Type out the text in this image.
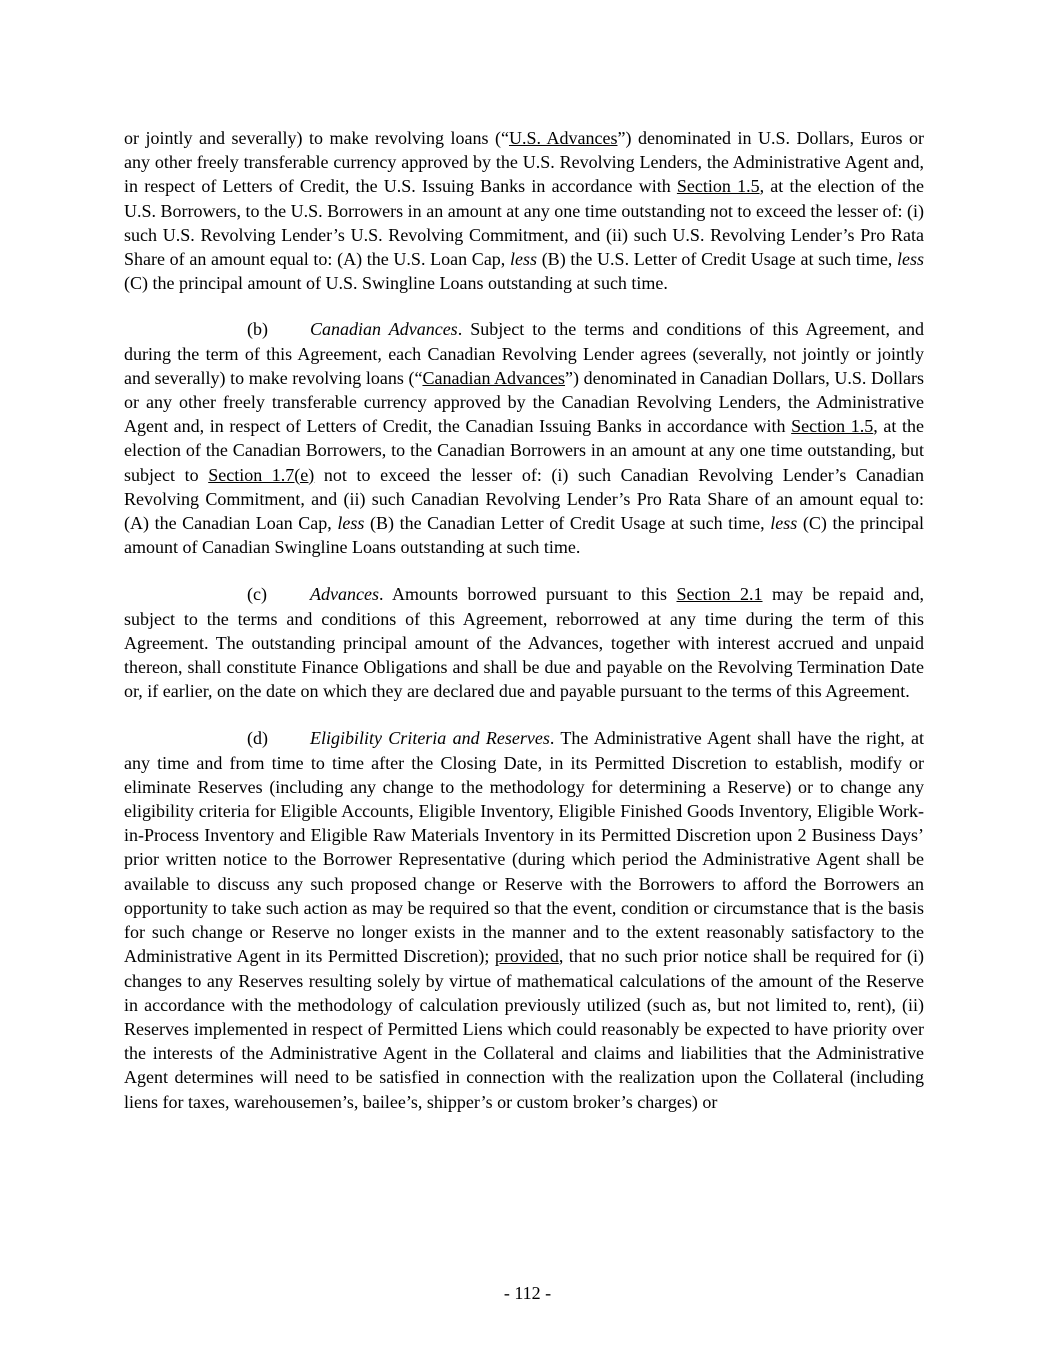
or jointly and severally) to make revolving loans (“U.S. Advances”) denominated in U.S. Dollars, Euros or any other freely transferable currency approved by the U.S. Revolving Lenders, the Administrative Agent and, in respect of Letters of Credit, the U.S. Issuing Banks in accordance with Section 1.5, at the election of the U.S. Borrowers, to the U.S. Borrowers in an amount at any one time outstanding not to exceed the lesser of: (i) such U.S. Revolving Lender’s U.S. Revolving Commitment, and (ii) such U.S. Revolving Lender’s Pro Rata Share of an amount equal to: (A) the U.S. Loan Cap, less (B) the U.S. Letter of Credit Usage at such time, less (C) the principal amount of U.S. Swingline Loans outstanding at such time.

(b) Canadian Advances. Subject to the terms and conditions of this Agreement, and during the term of this Agreement, each Canadian Revolving Lender agrees (severally, not jointly or jointly and severally) to make revolving loans (“Canadian Advances”) denominated in Canadian Dollars, U.S. Dollars or any other freely transferable currency approved by the Canadian Revolving Lenders, the Administrative Agent and, in respect of Letters of Credit, the Canadian Issuing Banks in accordance with Section 1.5, at the election of the Canadian Borrowers, to the Canadian Borrowers in an amount at any one time outstanding, but subject to Section 1.7(e) not to exceed the lesser of: (i) such Canadian Revolving Lender’s Canadian Revolving Commitment, and (ii) such Canadian Revolving Lender’s Pro Rata Share of an amount equal to: (A) the Canadian Loan Cap, less (B) the Canadian Letter of Credit Usage at such time, less (C) the principal amount of Canadian Swingline Loans outstanding at such time.

(c) Advances. Amounts borrowed pursuant to this Section 2.1 may be repaid and, subject to the terms and conditions of this Agreement, reborrowed at any time during the term of this Agreement. The outstanding principal amount of the Advances, together with interest accrued and unpaid thereon, shall constitute Finance Obligations and shall be due and payable on the Revolving Termination Date or, if earlier, on the date on which they are declared due and payable pursuant to the terms of this Agreement.

(d) Eligibility Criteria and Reserves. The Administrative Agent shall have the right, at any time and from time to time after the Closing Date, in its Permitted Discretion to establish, modify or eliminate Reserves (including any change to the methodology for determining a Reserve) or to change any eligibility criteria for Eligible Accounts, Eligible Inventory, Eligible Finished Goods Inventory, Eligible Work-in-Process Inventory and Eligible Raw Materials Inventory in its Permitted Discretion upon 2 Business Days’ prior written notice to the Borrower Representative (during which period the Administrative Agent shall be available to discuss any such proposed change or Reserve with the Borrowers to afford the Borrowers an opportunity to take such action as may be required so that the event, condition or circumstance that is the basis for such change or Reserve no longer exists in the manner and to the extent reasonably satisfactory to the Administrative Agent in its Permitted Discretion); provided, that no such prior notice shall be required for (i) changes to any Reserves resulting solely by virtue of mathematical calculations of the amount of the Reserve in accordance with the methodology of calculation previously utilized (such as, but not limited to, rent), (ii) Reserves implemented in respect of Permitted Liens which could reasonably be expected to have priority over the interests of the Administrative Agent in the Collateral and claims and liabilities that the Administrative Agent determines will need to be satisfied in connection with the realization upon the Collateral (including liens for taxes, warehousemen’s, bailee’s, shipper’s or custom broker’s charges) or

- 112 -
